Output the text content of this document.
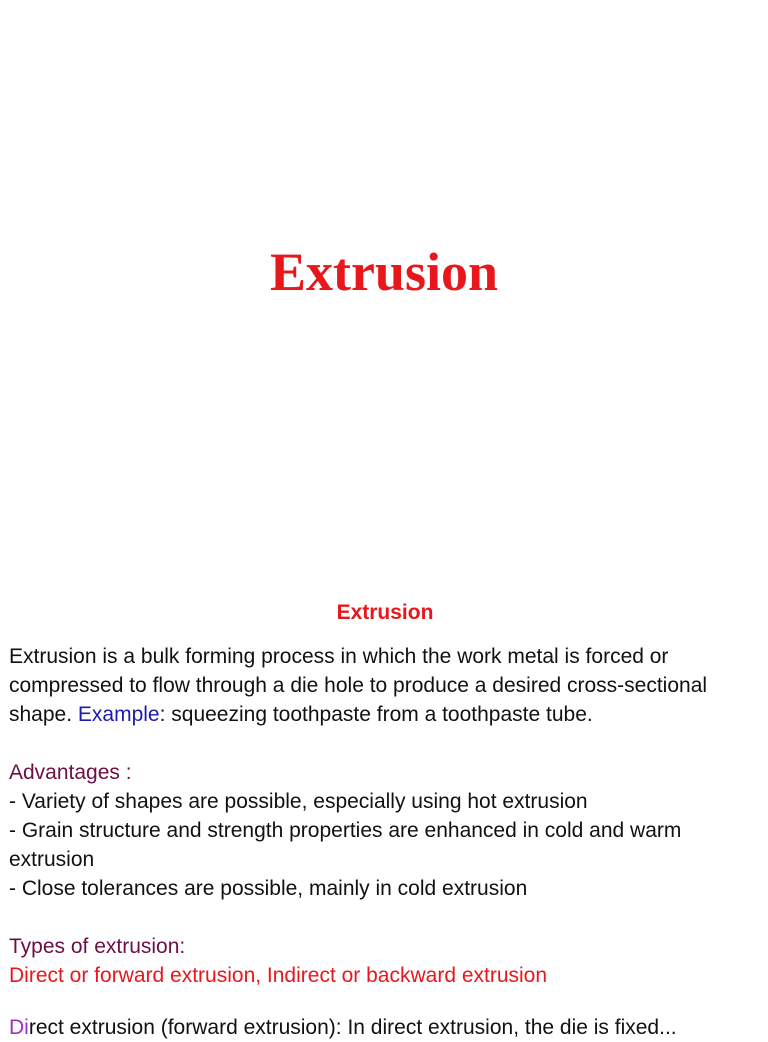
Extrusion
Extrusion

Extrusion is a bulk forming process in which the work metal is forced or

compressed to flow through a die hole to produce a desired cross-sectional

shape. Example: squeezing toothpaste from a toothpaste tube.

Advantages :

- Variety of shapes are possible, especially using hot extrusion

- Grain structure and strength properties are enhanced in cold and warm

extrusion

- Close tolerances are possible, mainly in cold extrusion

Types of extrusion:

Direct or forward extrusion, Indirect or backward extrusion

Direct extrusion (forward extrusion): In direct extrusion, the die is fixed...
